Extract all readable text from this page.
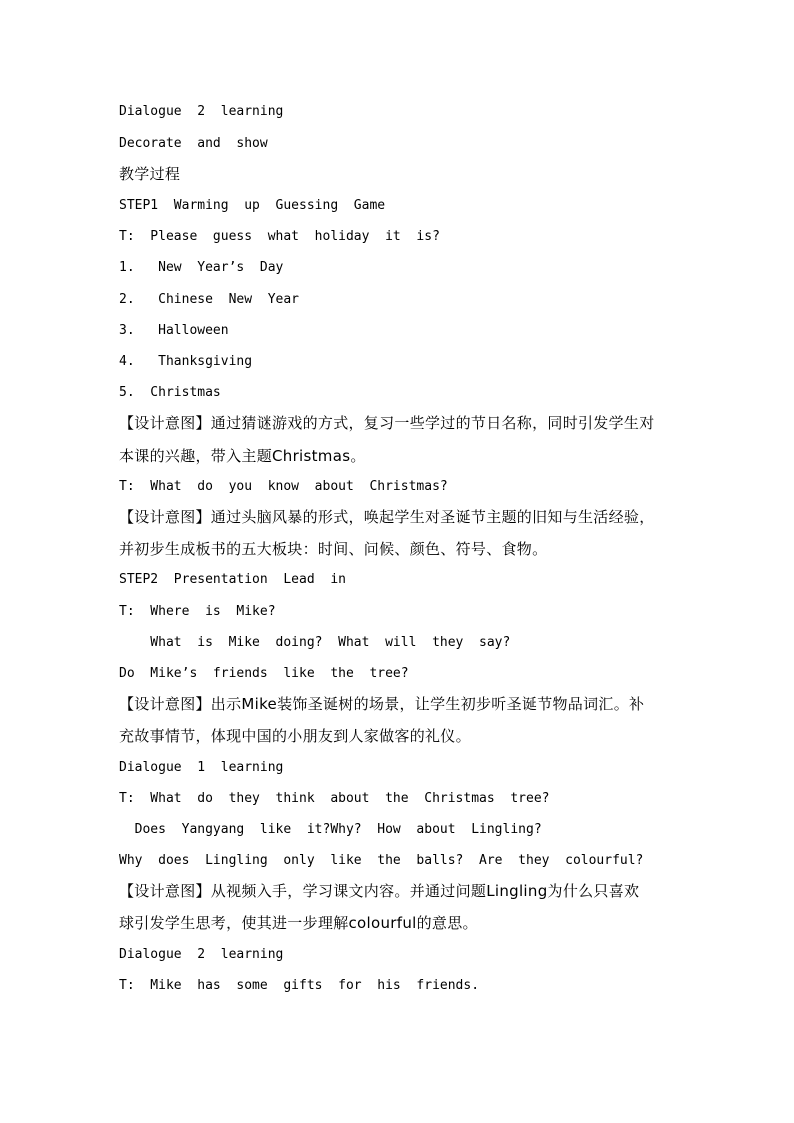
Dialogue  2  learning
Decorate  and  show
教学过程
STEP1  Warming  up  Guessing  Game
T:  Please  guess  what  holiday  it  is?
1.   New  Year’s  Day
2.   Chinese  New  Year
3.   Halloween
4.   Thanksgiving
5.  Christmas
【设计意图】通过猜谜游戏的方式，复习一些学过的节日名称，同时引发学生对
本课的兴趣，带入主题Christmas。
T:  What  do  you  know  about  Christmas?
【设计意图】通过头脑风暴的形式，唤起学生对圣诞节主题的旧知与生活经验，
并初步生成板书的五大板块：时间、问候、颜色、符号、食物。
STEP2  Presentation  Lead  in
T:  Where  is  Mike?
What  is  Mike  doing?  What  will  they  say?
Do  Mike’s  friends  like  the  tree?
【设计意图】出示Mike装饰圣诞树的场景，让学生初步听圣诞节物品词汇。补
充故事情节，体现中国的小朋友到人家做客的礼仪。
Dialogue  1  learning
T:  What  do  they  think  about  the  Christmas  tree?
Does  Yangyang  like  it?Why?  How  about  Lingling?
Why  does  Lingling  only  like  the  balls?  Are  they  colourful?
【设计意图】从视频入手，学习课文内容。并通过问题Lingling为什么只喜欢
球引发学生思考，使其进一步理解colourful的意思。
Dialogue  2  learning
T:  Mike  has  some  gifts  for  his  friends.
